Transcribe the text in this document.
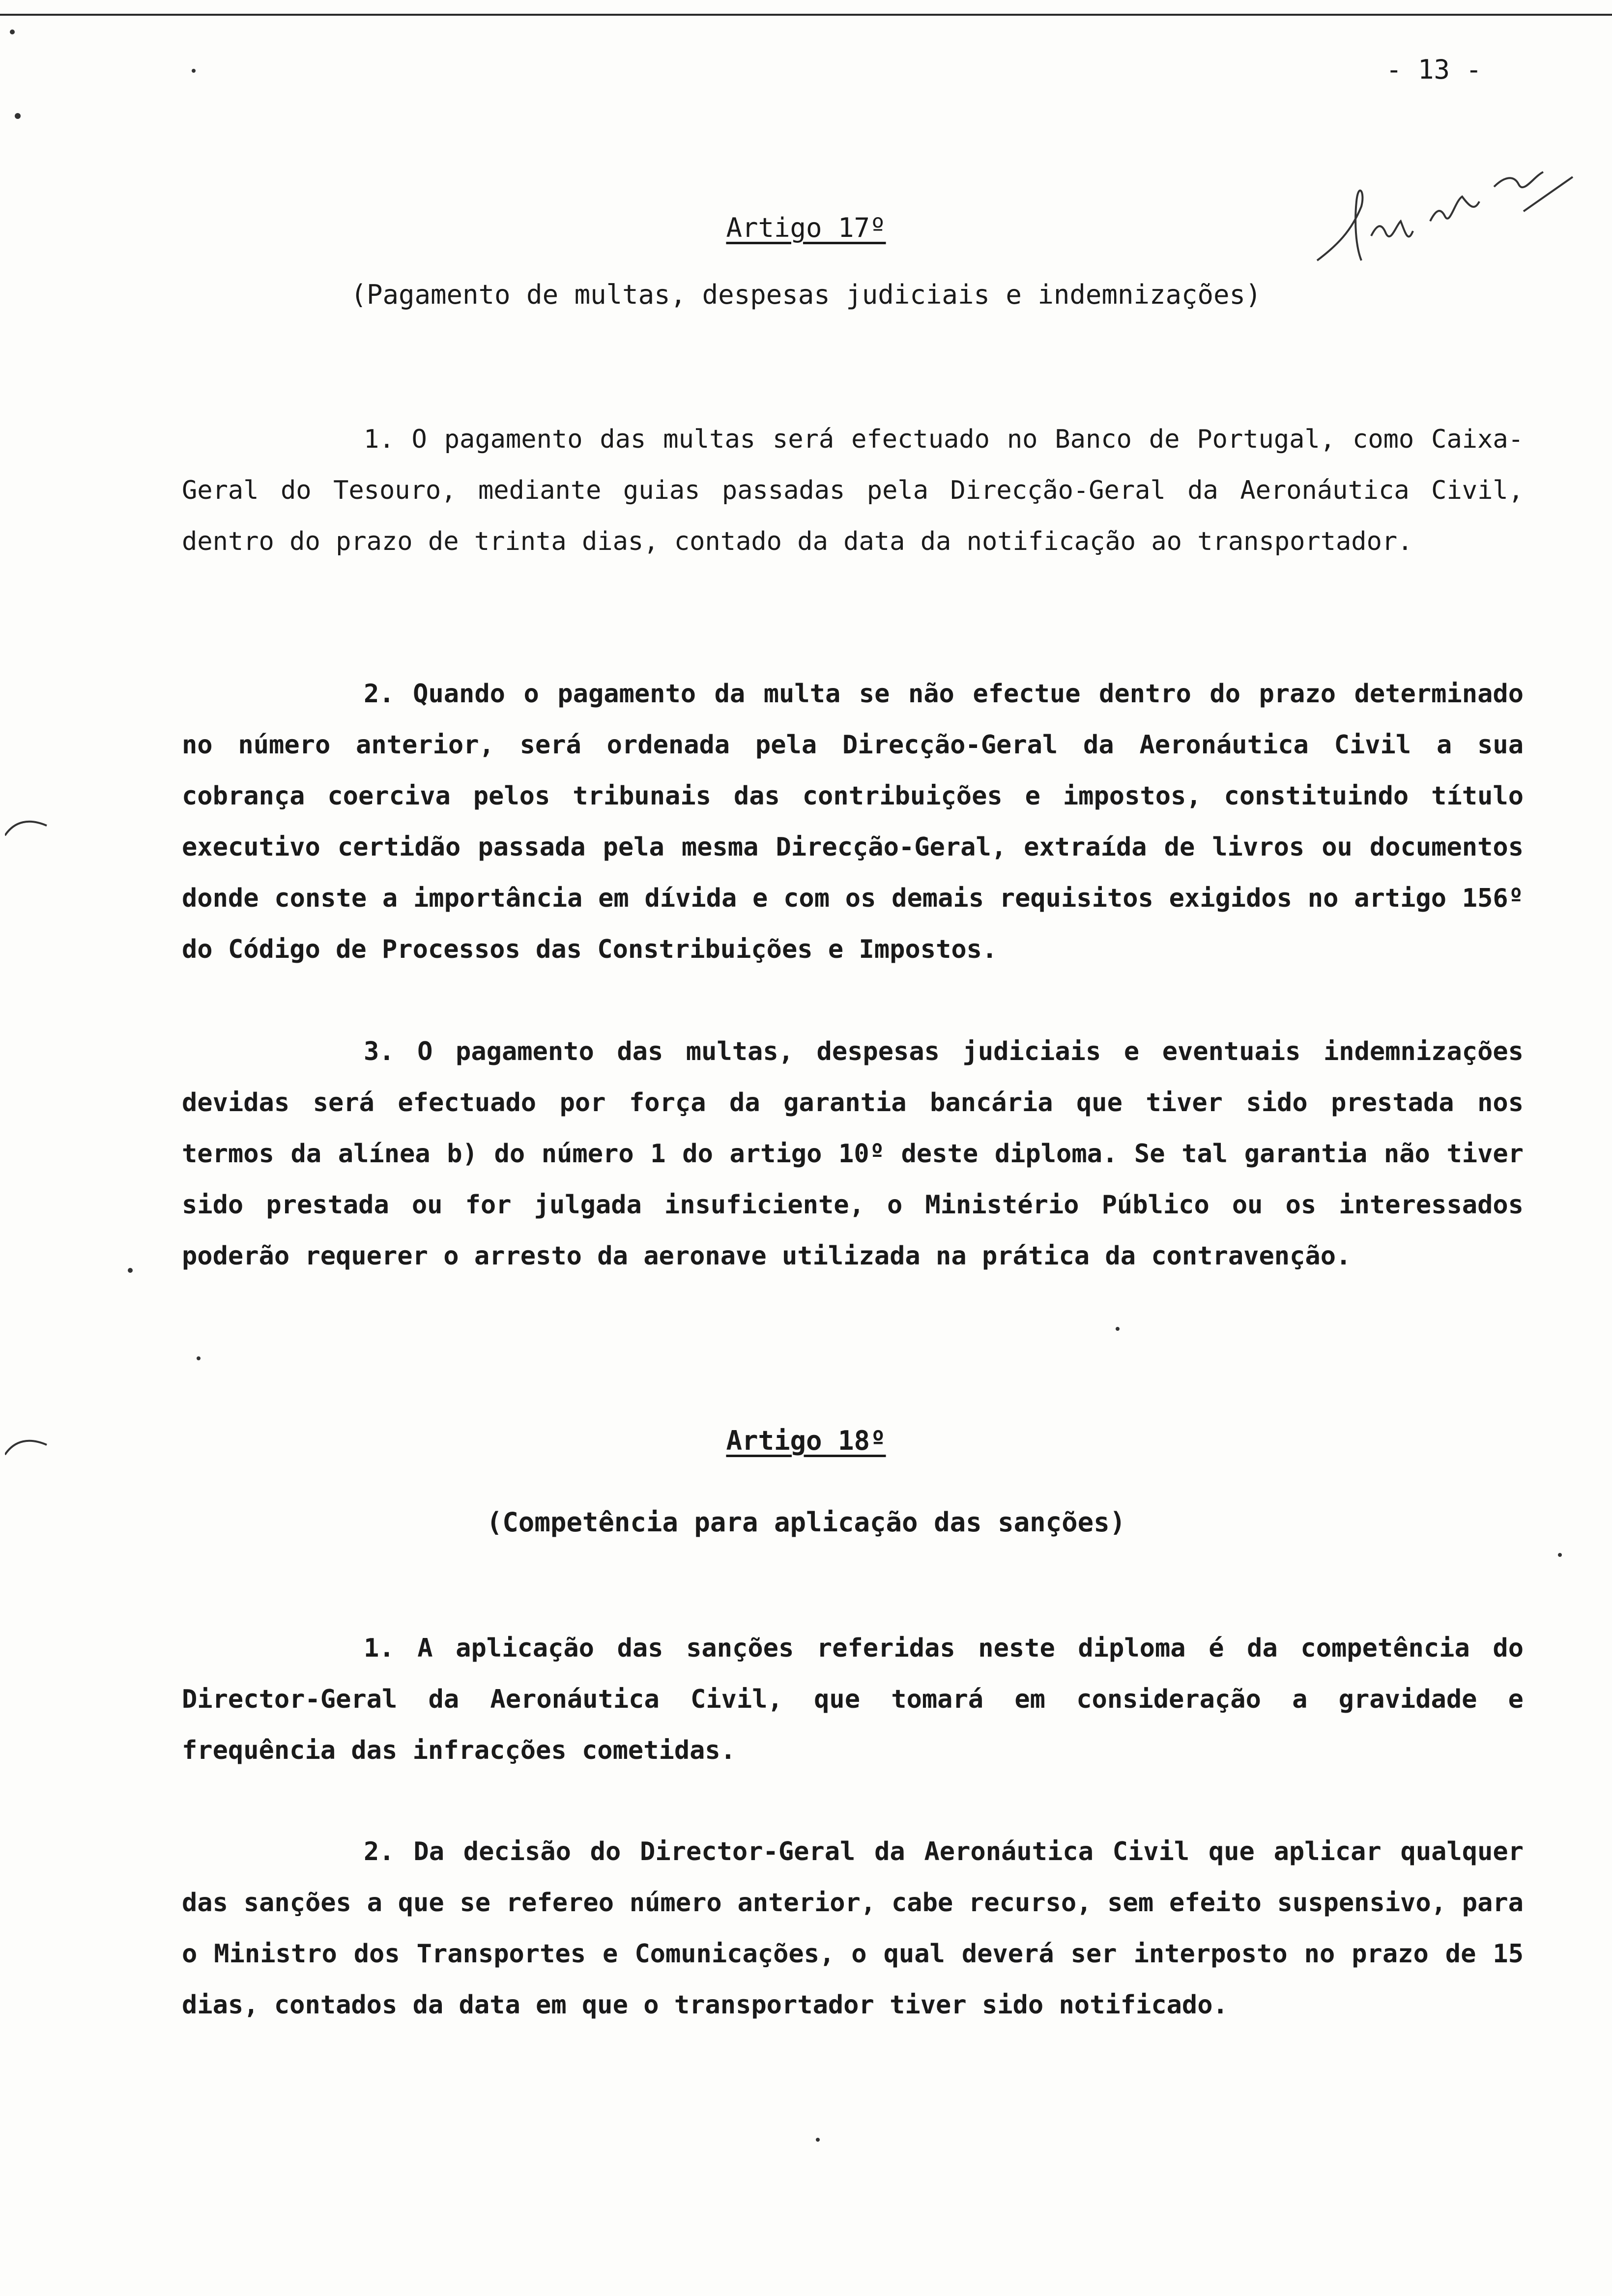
- 13 -
Artigo 17º
(Pagamento de multas, despesas judiciais e indemnizações)

1. O pagamento das multas será efectuado no Banco de Portugal, como Caixa-Geral do Tesouro, mediante guias passadas pela Direcção-Geral da Aeronáutica Civil, dentro do prazo de trinta dias, contado da data da notificação ao transportador.

2. Quando o pagamento da multa se não efectue dentro do prazo determinado no número anterior, será ordenada pela Direcção-Geral da Aeronáutica Civil a sua cobrança coerciva pelos tribunais das contribuições e impostos, constituindo título executivo certidão passada pela mesma Direcção-Geral, extraída de livros ou documentos donde conste a importância em dívida e com os demais requisitos exigidos no artigo 156º do Código de Processos das Constribuições e Impostos.

3. O pagamento das multas, despesas judiciais e eventuais indemnizações devidas será efectuado por força da garantia bancária que tiver sido prestada nos termos da alínea b) do número 1 do artigo 10º deste diploma. Se tal garantia não tiver sido prestada ou for julgada insuficiente, o Ministério Público ou os interessados poderão requerer o arresto da aeronave utilizada na prática da contravenção.

Artigo 18º
(Competência para aplicação das sanções)

1. A aplicação das sanções referidas neste diploma é da competência do Director-Geral da Aeronáutica Civil, que tomará em consideração a gravidade e frequência das infracções cometidas.

2. Da decisão do Director-Geral da Aeronáutica Civil que aplicar qualquer das sanções a que se refereo número anterior, cabe recurso, sem efeito suspensivo, para o Ministro dos Transportes e Comunicações, o qual deverá ser interposto no prazo de 15 dias, contados da data em que o transportador tiver sido notificado.
